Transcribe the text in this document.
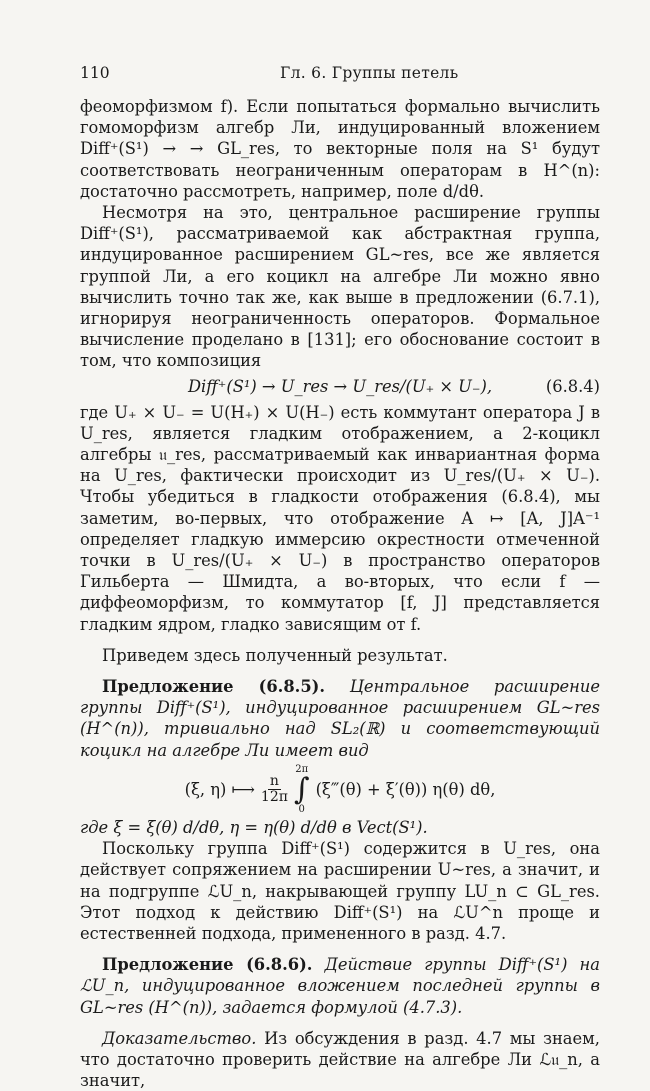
110	Гл. 6. Группы петель

феоморфизмом f). Если попытаться формально вычислить гомоморфизм алгебр Ли, индуцированный вложением Diff⁺(S¹) → → GL_res, то векторные поля на S¹ будут соответствовать неограниченным операторам в H^(n): достаточно рассмотреть, например, поле d/dθ.

Несмотря на это, центральное расширение группы Diff⁺(S¹), рассматриваемой как абстрактная группа, индуцированное расширением GL~res, все же является группой Ли, а его коцикл на алгебре Ли можно явно вычислить точно так же, как выше в предложении (6.7.1), игнорируя неограниченность операторов. Формальное вычисление проделано в [131]; его обоснование состоит в том, что композиция

Diff⁺(S¹) → U_res → U_res/(U₊ × U₋),	(6.8.4)

где U₊ × U₋ = U(H₊) × U(H₋) есть коммутант оператора J в U_res, является гладким отображением, а 2-коцикл алгебры 𝔲_res, рассматриваемый как инвариантная форма на U_res, фактически происходит из U_res/(U₊ × U₋). Чтобы убедиться в гладкости отображения (6.8.4), мы заметим, во-первых, что отображение A ↦ [A, J]A⁻¹ определяет гладкую иммерсию окрестности отмеченной точки в U_res/(U₊ × U₋) в пространство операторов Гильберта — Шмидта, а во-вторых, что если f — диффеоморфизм, то коммутатор [f, J] представляется гладким ядром, гладко зависящим от f.

Приведем здесь полученный результат.

Предложение (6.8.5). Центральное расширение группы Diff⁺(S¹), индуцированное расширением GL~res (H^(n)), тривиально над SL₂(ℝ) и соответствующий коцикл на алгебре Ли имеет вид

(ξ, η) ⟼ $\frac{n}{12\pi}$
2π
∫
0
(ξ‴(θ) + ξ′(θ)) η(θ) dθ,

где ξ = ξ(θ) d/dθ, η = η(θ) d/dθ в Vect(S¹).

Поскольку группа Diff⁺(S¹) содержится в U_res, она действует сопряжением на расширении U~res, а значит, и на подгруппе ℒU_n, накрывающей группу LU_n ⊂ GL_res. Этот подход к действию Diff⁺(S¹) на ℒU^n проще и естественней подхода, примененного в разд. 4.7.

Предложение (6.8.6). Действие группы Diff⁺(S¹) на ℒU_n, индуцированное вложением последней группы в GL~res (H^(n)), задается формулой (4.7.3).

Доказательство. Из обсуждения в разд. 4.7 мы знаем, что достаточно проверить действие на алгебре Ли ℒ𝔲_n, а значит,
